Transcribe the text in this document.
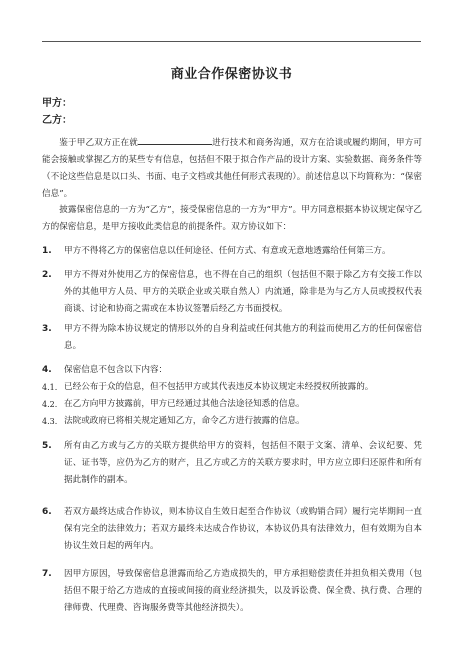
商业合作保密协议书
甲方：
乙方：
鉴于甲乙双方正在就	进行技术和商务沟通，双方在洽谈或履约期间，甲方可能会接触或掌握乙方的某些专有信息，包括但不限于拟合作产品的设计方案、实验数据、商务条件等（不论这些信息是以口头、书面、电子文档或其他任何形式表现的）。前述信息以下均简称为：“保密信息”。
披露保密信息的一方为“乙方”，接受保密信息的一方为“甲方”。甲方同意根据本协议规定保守乙方的保密信息，是甲方接收此类信息的前提条件。双方协议如下：
1. 甲方不得将乙方的保密信息以任何途径、任何方式、有意或无意地透露给任何第三方。
2. 甲方不得对外使用乙方的保密信息，也不得在自己的组织（包括但不限于除乙方有交接工作以外的其他甲方人员、甲方的关联企业或关联自然人）内流通，除非是为与乙方人员或授权代表商谈、讨论和协商之需或在本协议签署后经乙方书面授权。
3. 甲方不得为除本协议规定的情形以外的自身利益或任何其他方的利益而使用乙方的任何保密信息。
4. 保密信息不包含以下内容：
4.1. 已经公布于众的信息，但不包括甲方或其代表违反本协议规定未经授权所披露的。
4.2. 在乙方向甲方披露前，甲方已经通过其他合法途径知悉的信息。
4.3. 法院或政府已将相关规定通知乙方，命令乙方进行披露的信息。
5. 所有由乙方或与乙方的关联方提供给甲方的资料，包括但不限于文案、清单、会议纪要、凭证、证书等，应仍为乙方的财产，且乙方或乙方的关联方要求时，甲方应立即归还原件和所有据此制作的副本。
6. 若双方最终达成合作协议，则本协议自生效日起至合作协议（或购销合同）履行完毕期间一直保有完全的法律效力；若双方最终未达成合作协议，本协议仍具有法律效力，但有效期为自本协议生效日起的两年内。
7. 因甲方原因，导致保密信息泄露而给乙方造成损失的，甲方承担赔偿责任并担负相关费用（包括但不限于给乙方造成的直接或间接的商业经济损失，以及诉讼费、保全费、执行费、合理的律师费、代理费、咨询服务费等其他经济损失）。
